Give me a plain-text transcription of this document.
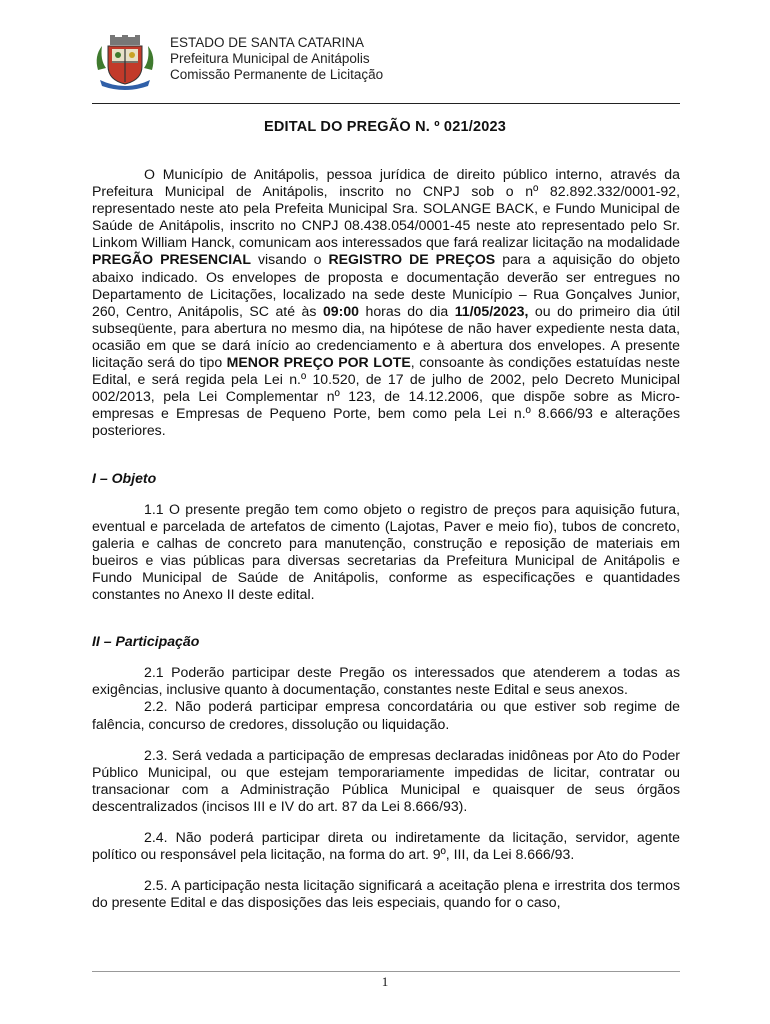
ESTADO DE SANTA CATARINA
Prefeitura Municipal de Anitápolis
Comissão Permanente de Licitação
EDITAL DO PREGÃO N. º 021/2023

O Município de Anitápolis, pessoa jurídica de direito público interno, através da Prefeitura Municipal de Anitápolis, inscrito no CNPJ sob o nº 82.892.332/0001-92, representado neste ato pela Prefeita Municipal Sra. SOLANGE BACK, e Fundo Municipal de Saúde de Anitápolis, inscrito no CNPJ 08.438.054/0001-45 neste ato representado pelo Sr. Linkom William Hanck, comunicam aos interessados que fará realizar licitação na modalidade PREGÃO PRESENCIAL visando o REGISTRO DE PREÇOS para a aquisição do objeto abaixo indicado. Os envelopes de proposta e documentação deverão ser entregues no Departamento de Licitações, localizado na sede deste Município – Rua Gonçalves Junior, 260, Centro, Anitápolis, SC até às 09:00 horas do dia 11/05/2023, ou do primeiro dia útil subseqüente, para abertura no mesmo dia, na hipótese de não haver expediente nesta data, ocasião em que se dará início ao credenciamento e à abertura dos envelopes. A presente licitação será do tipo MENOR PREÇO POR LOTE, consoante às condições estatuídas neste Edital, e será regida pela Lei n.º 10.520, de 17 de julho de 2002, pelo Decreto Municipal 002/2013, pela Lei Complementar nº 123, de 14.12.2006, que dispõe sobre as Micro-empresas e Empresas de Pequeno Porte, bem como pela Lei n.º 8.666/93 e alterações posteriores.

I – Objeto

1.1 O presente pregão tem como objeto o registro de preços para aquisição futura, eventual e parcelada de artefatos de cimento (Lajotas, Paver e meio fio), tubos de concreto, galeria e calhas de concreto para manutenção, construção e reposição de materiais em bueiros e vias públicas para diversas secretarias da Prefeitura Municipal de Anitápolis e Fundo Municipal de Saúde de Anitápolis, conforme as especificações e quantidades constantes no Anexo II deste edital.

II – Participação

2.1 Poderão participar deste Pregão os interessados que atenderem a todas as exigências, inclusive quanto à documentação, constantes neste Edital e seus anexos.

2.2. Não poderá participar empresa concordatária ou que estiver sob regime de falência, concurso de credores, dissolução ou liquidação.

2.3. Será vedada a participação de empresas declaradas inidôneas por Ato do Poder Público Municipal, ou que estejam temporariamente impedidas de licitar, contratar ou transacionar com a Administração Pública Municipal e quaisquer de seus órgãos descentralizados (incisos III e IV do art. 87 da Lei 8.666/93).

2.4. Não poderá participar direta ou indiretamente da licitação, servidor, agente político ou responsável pela licitação, na forma do art. 9º, III, da Lei 8.666/93.

2.5. A participação nesta licitação significará a aceitação plena e irrestrita dos termos do presente Edital e das disposições das leis especiais, quando for o caso,

1
